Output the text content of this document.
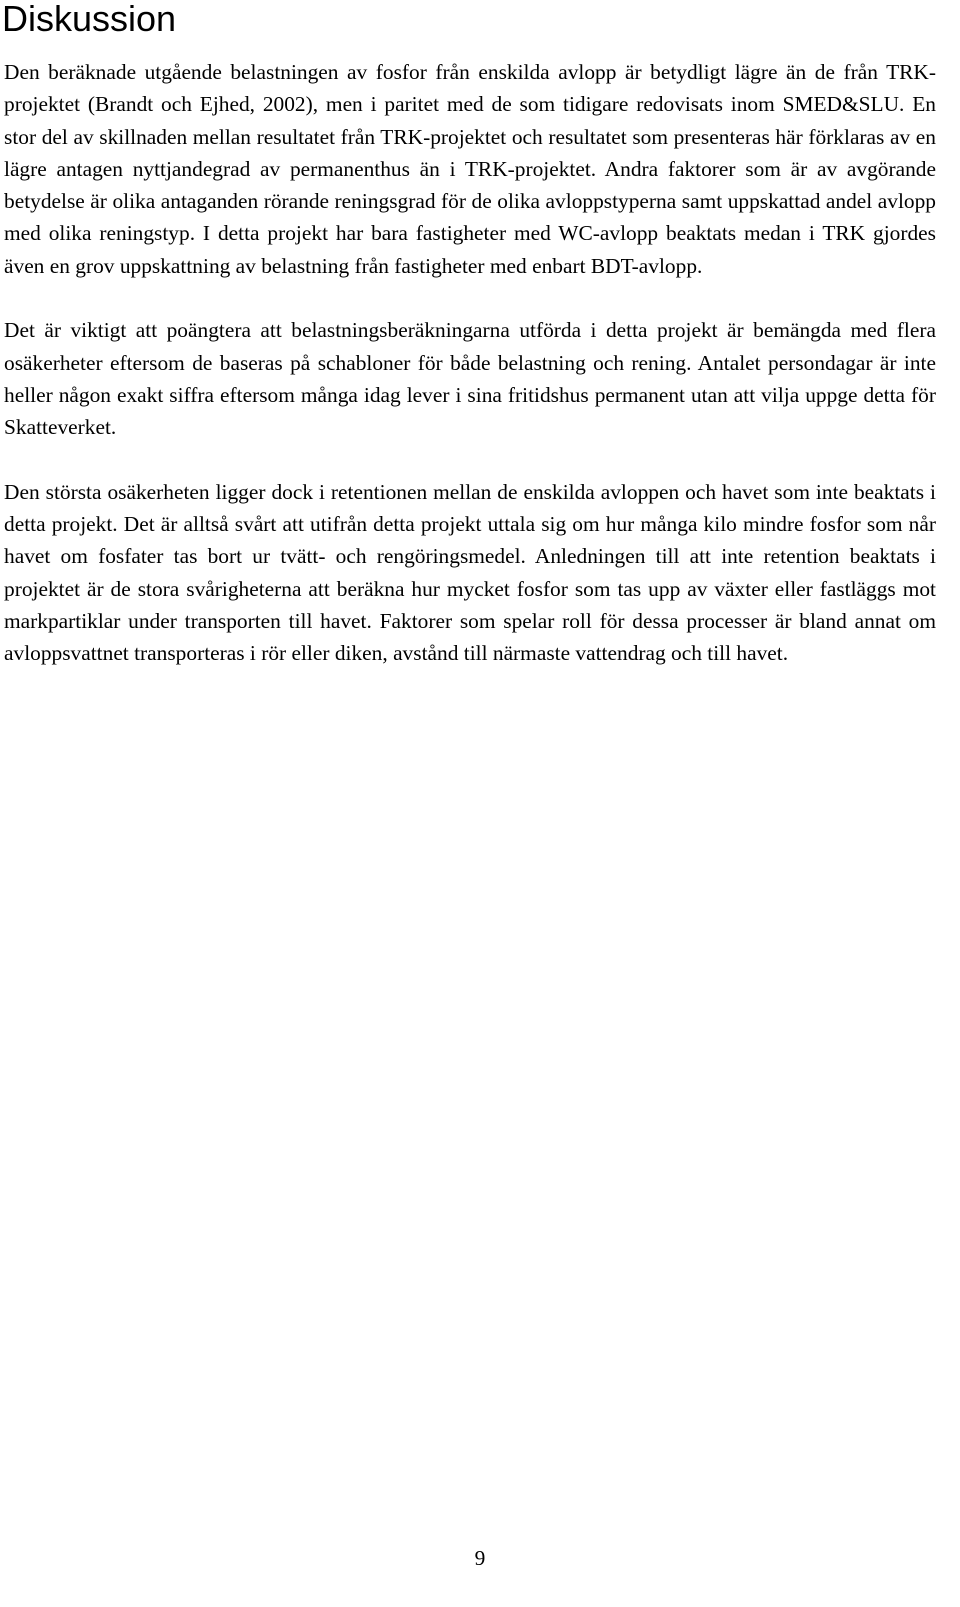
Diskussion

Den beräknade utgående belastningen av fosfor från enskilda avlopp är betydligt lägre än de från TRK-projektet (Brandt och Ejhed, 2002), men i paritet med de som tidigare redovisats inom SMED&SLU. En stor del av skillnaden mellan resultatet från TRK-projektet och resultatet som presenteras här förklaras av en lägre antagen nyttjandegrad av permanenthus än i TRK-projektet. Andra faktorer som är av avgörande betydelse är olika antaganden rörande reningsgrad för de olika avloppstyperna samt uppskattad andel avlopp med olika reningstyp. I detta projekt har bara fastigheter med WC-avlopp beaktats medan i TRK gjordes även en grov uppskattning av belastning från fastigheter med enbart BDT-avlopp.

Det är viktigt att poängtera att belastningsberäkningarna utförda i detta projekt är bemängda med flera osäkerheter eftersom de baseras på schabloner för både belastning och rening. Antalet persondagar är inte heller någon exakt siffra eftersom många idag lever i sina fritidshus permanent utan att vilja uppge detta för Skatteverket.

Den största osäkerheten ligger dock i retentionen mellan de enskilda avloppen och havet som inte beaktats i detta projekt. Det är alltså svårt att utifrån detta projekt uttala sig om hur många kilo mindre fosfor som når havet om fosfater tas bort ur tvätt- och rengöringsmedel. Anledningen till att inte retention beaktats i projektet är de stora svårigheterna att beräkna hur mycket fosfor som tas upp av växter eller fastläggs mot markpartiklar under transporten till havet. Faktorer som spelar roll för dessa processer är bland annat om avloppsvattnet transporteras i rör eller diken, avstånd till närmaste vattendrag och till havet.

9
